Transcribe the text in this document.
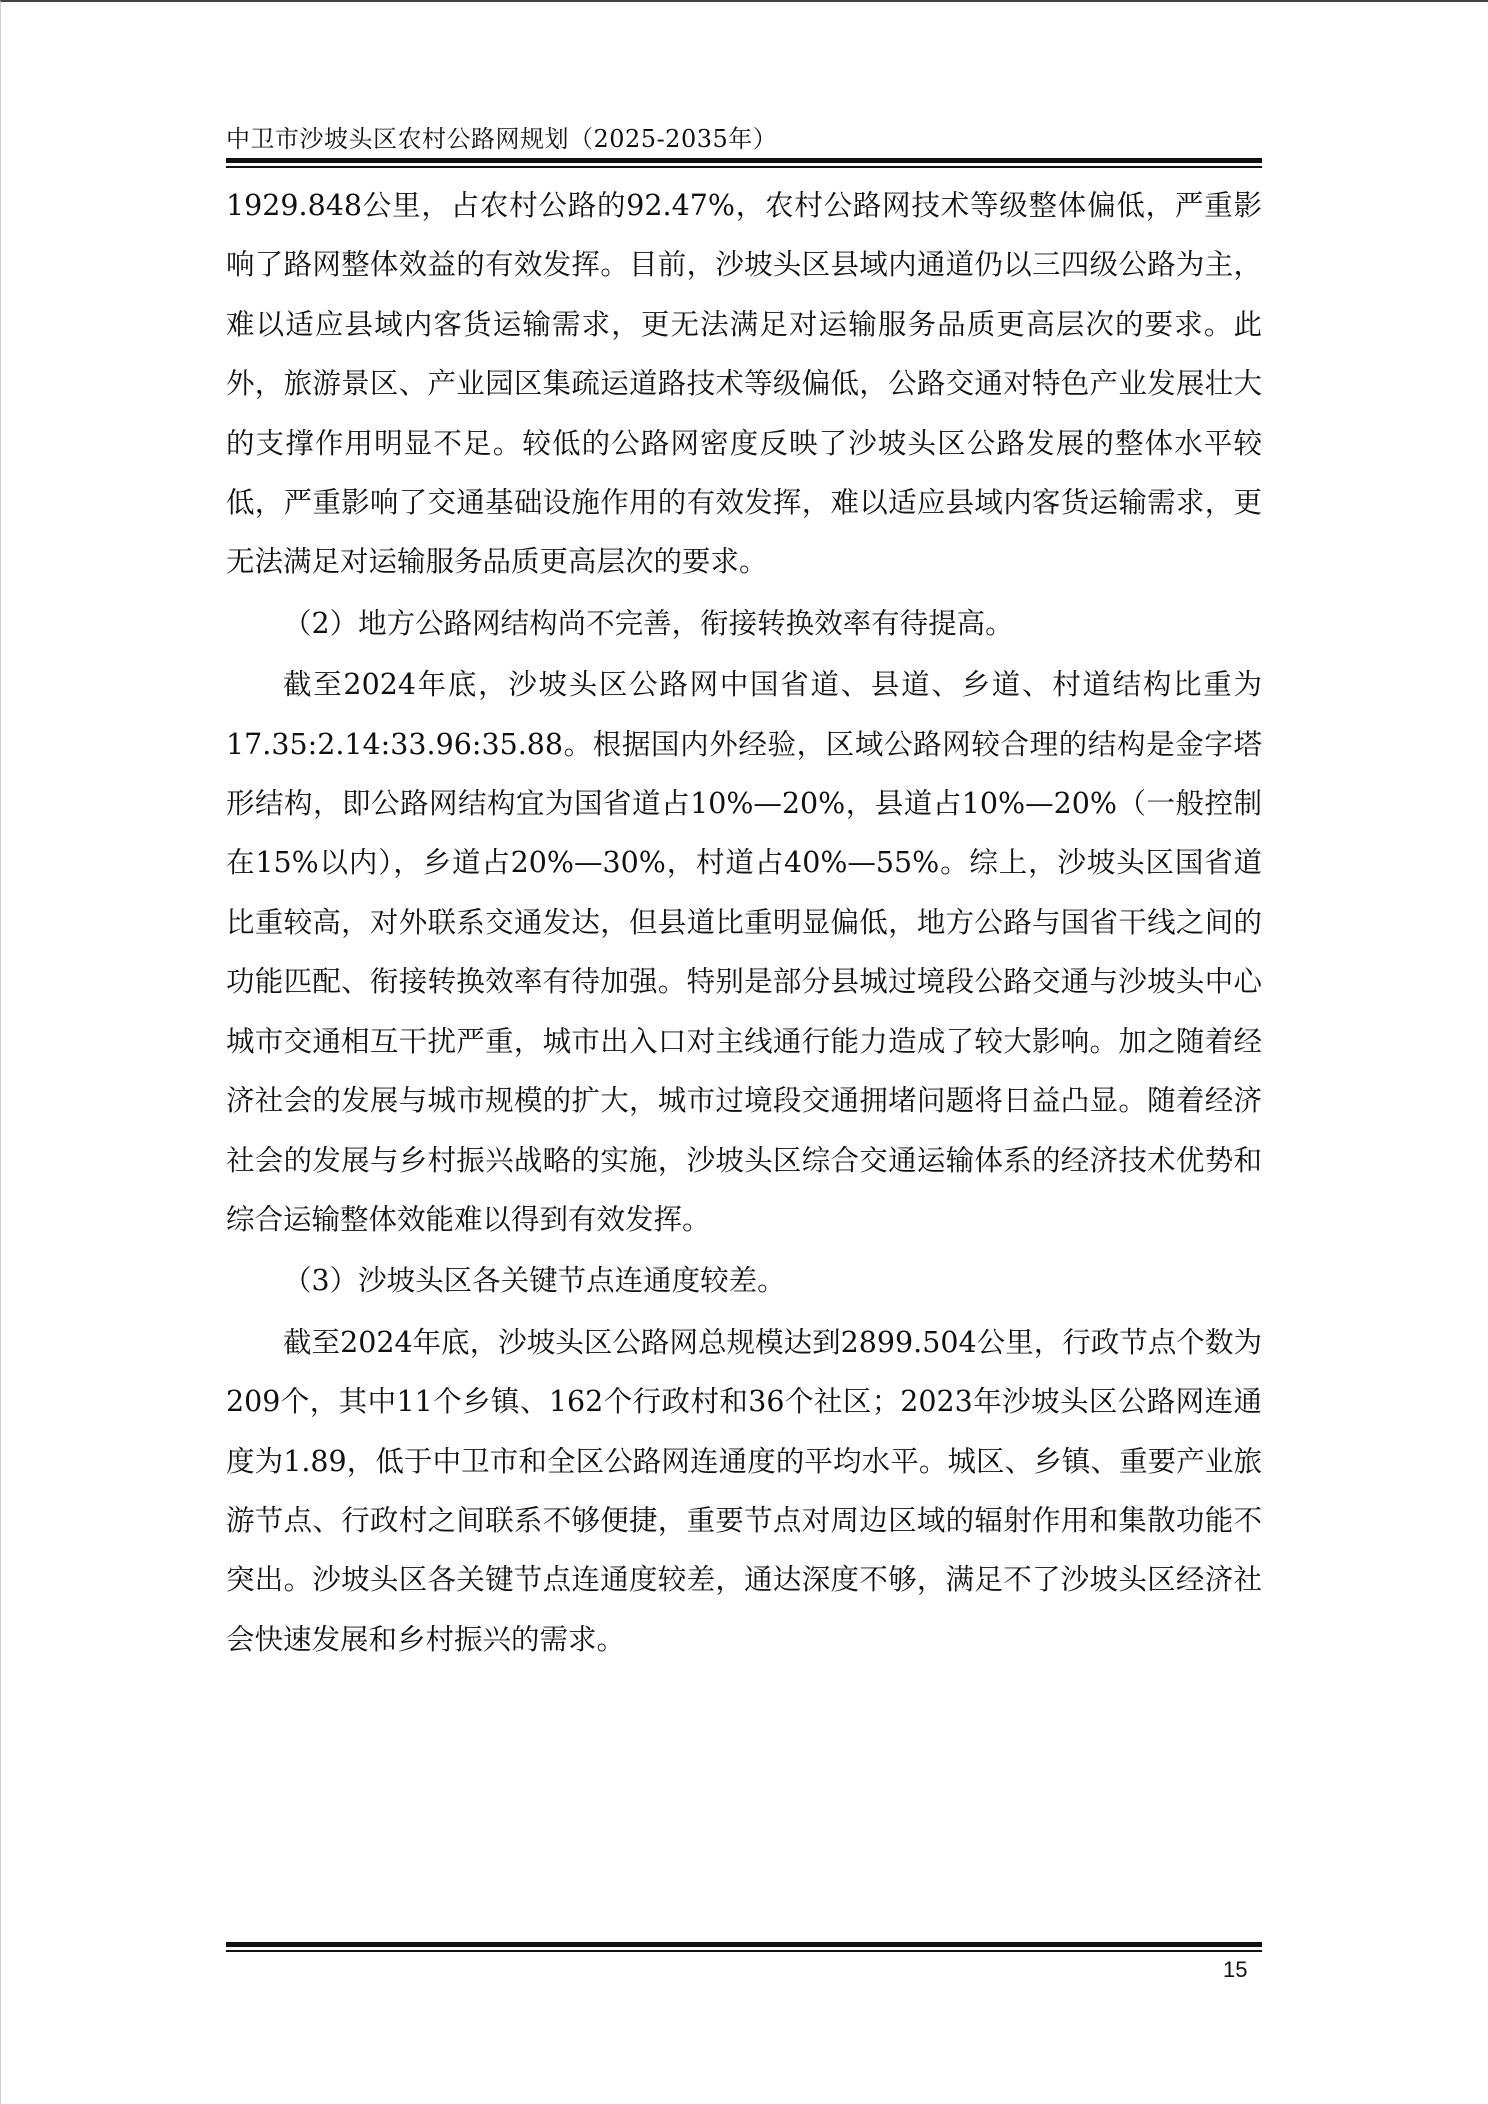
中卫市沙坡头区农村公路网规划（2025-2035年）

1929.848公里，占农村公路的92.47%，农村公路网技术等级整体偏低，严重影响了路网整体效益的有效发挥。目前，沙坡头区县域内通道仍以三四级公路为主，难以适应县域内客货运输需求，更无法满足对运输服务品质更高层次的要求。此外，旅游景区、产业园区集疏运道路技术等级偏低，公路交通对特色产业发展壮大的支撑作用明显不足。较低的公路网密度反映了沙坡头区公路发展的整体水平较低，严重影响了交通基础设施作用的有效发挥，难以适应县域内客货运输需求，更无法满足对运输服务品质更高层次的要求。

（2）地方公路网结构尚不完善，衔接转换效率有待提高。

截至2024年底，沙坡头区公路网中国省道、县道、乡道、村道结构比重为17.35:2.14:33.96:35.88。根据国内外经验，区域公路网较合理的结构是金字塔形结构，即公路网结构宜为国省道占10%—20%，县道占10%—20%（一般控制在15%以内），乡道占20%—30%，村道占40%—55%。综上，沙坡头区国省道比重较高，对外联系交通发达，但县道比重明显偏低，地方公路与国省干线之间的功能匹配、衔接转换效率有待加强。特别是部分县城过境段公路交通与沙坡头中心城市交通相互干扰严重，城市出入口对主线通行能力造成了较大影响。加之随着经济社会的发展与城市规模的扩大，城市过境段交通拥堵问题将日益凸显。随着经济社会的发展与乡村振兴战略的实施，沙坡头区综合交通运输体系的经济技术优势和综合运输整体效能难以得到有效发挥。

（3）沙坡头区各关键节点连通度较差。

截至2024年底，沙坡头区公路网总规模达到2899.504公里，行政节点个数为209个，其中11个乡镇、162个行政村和36个社区；2023年沙坡头区公路网连通度为1.89，低于中卫市和全区公路网连通度的平均水平。城区、乡镇、重要产业旅游节点、行政村之间联系不够便捷，重要节点对周边区域的辐射作用和集散功能不突出。沙坡头区各关键节点连通度较差，通达深度不够，满足不了沙坡头区经济社会快速发展和乡村振兴的需求。

15
